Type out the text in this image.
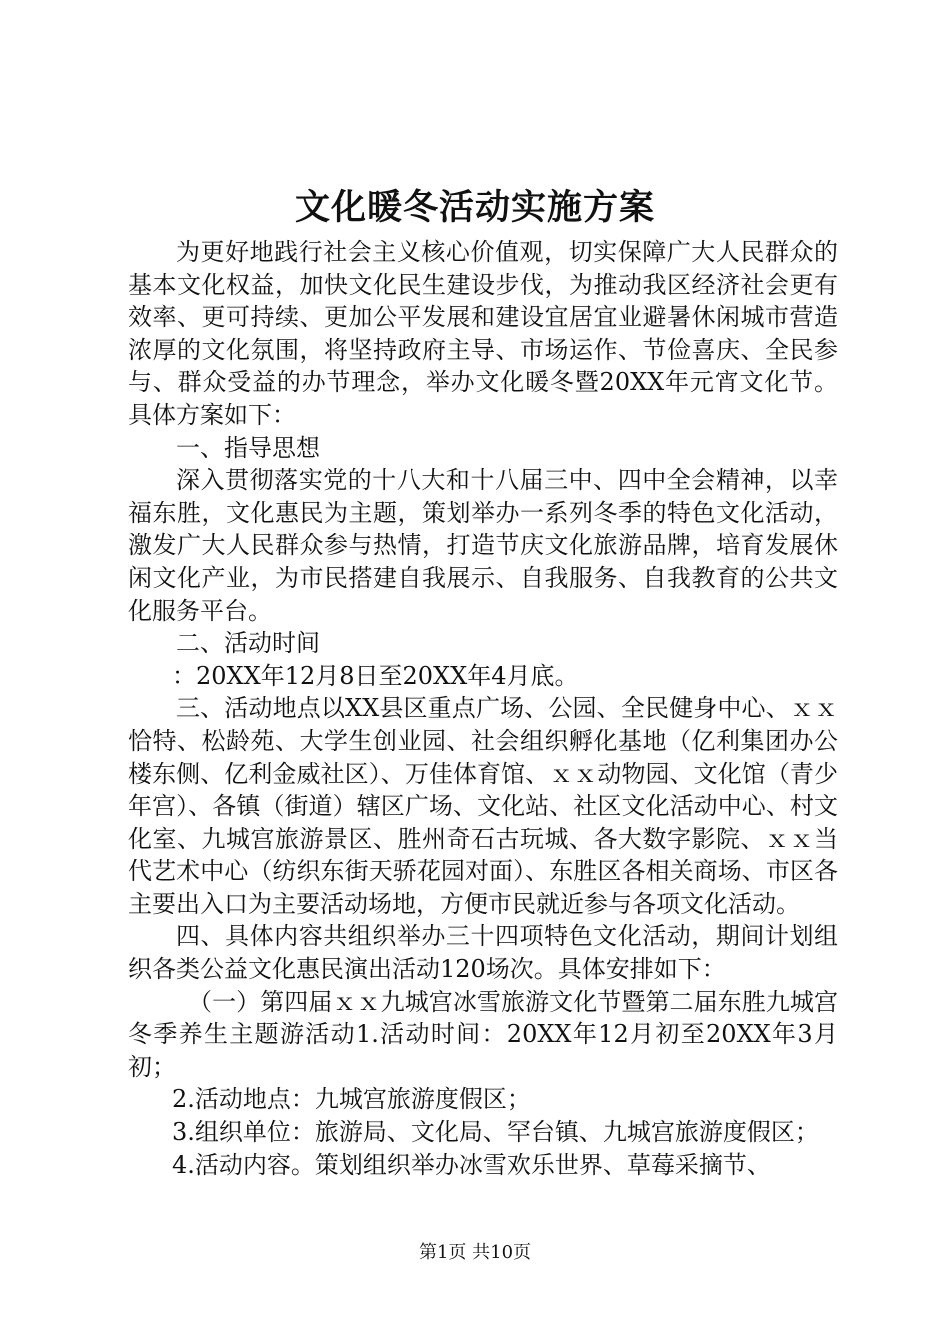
文化暖冬活动实施方案

为更好地践行社会主义核心价值观，切实保障广大人民群众的基本文化权益，加快文化民生建设步伐，为推动我区经济社会更有效率、更可持续、更加公平发展和建设宜居宜业避暑休闲城市营造浓厚的文化氛围，将坚持政府主导、市场运作、节俭喜庆、全民参与、群众受益的办节理念，举办文化暖冬暨20XX年元宵文化节。具体方案如下：

一、指导思想

深入贯彻落实党的十八大和十八届三中、四中全会精神，以幸福东胜，文化惠民为主题，策划举办一系列冬季的特色文化活动，激发广大人民群众参与热情，打造节庆文化旅游品牌，培育发展休闲文化产业，为市民搭建自我展示、自我服务、自我教育的公共文化服务平台。

二、活动时间

：20XX年12月8日至20XX年4月底。

三、活动地点以XX县区重点广场、公园、全民健身中心、ｘｘ恰特、松龄苑、大学生创业园、社会组织孵化基地（亿利集团办公楼东侧、亿利金威社区）、万佳体育馆、ｘｘ动物园、文化馆（青少年宫）、各镇（街道）辖区广场、文化站、社区文化活动中心、村文化室、九城宫旅游景区、胜州奇石古玩城、各大数字影院、ｘｘ当代艺术中心（纺织东街天骄花园对面）、东胜区各相关商场、市区各主要出入口为主要活动场地，方便市民就近参与各项文化活动。

四、具体内容共组织举办三十四项特色文化活动，期间计划组织各类公益文化惠民演出活动120场次。具体安排如下：

（一）第四届ｘｘ九城宫冰雪旅游文化节暨第二届东胜九城宫冬季养生主题游活动1.活动时间：20XX年12月初至20XX年3月初；

2.活动地点：九城宫旅游度假区；

3.组织单位：旅游局、文化局、罕台镇、九城宫旅游度假区；

4.活动内容。策划组织举办冰雪欢乐世界、草莓采摘节、

第1页 共10页
